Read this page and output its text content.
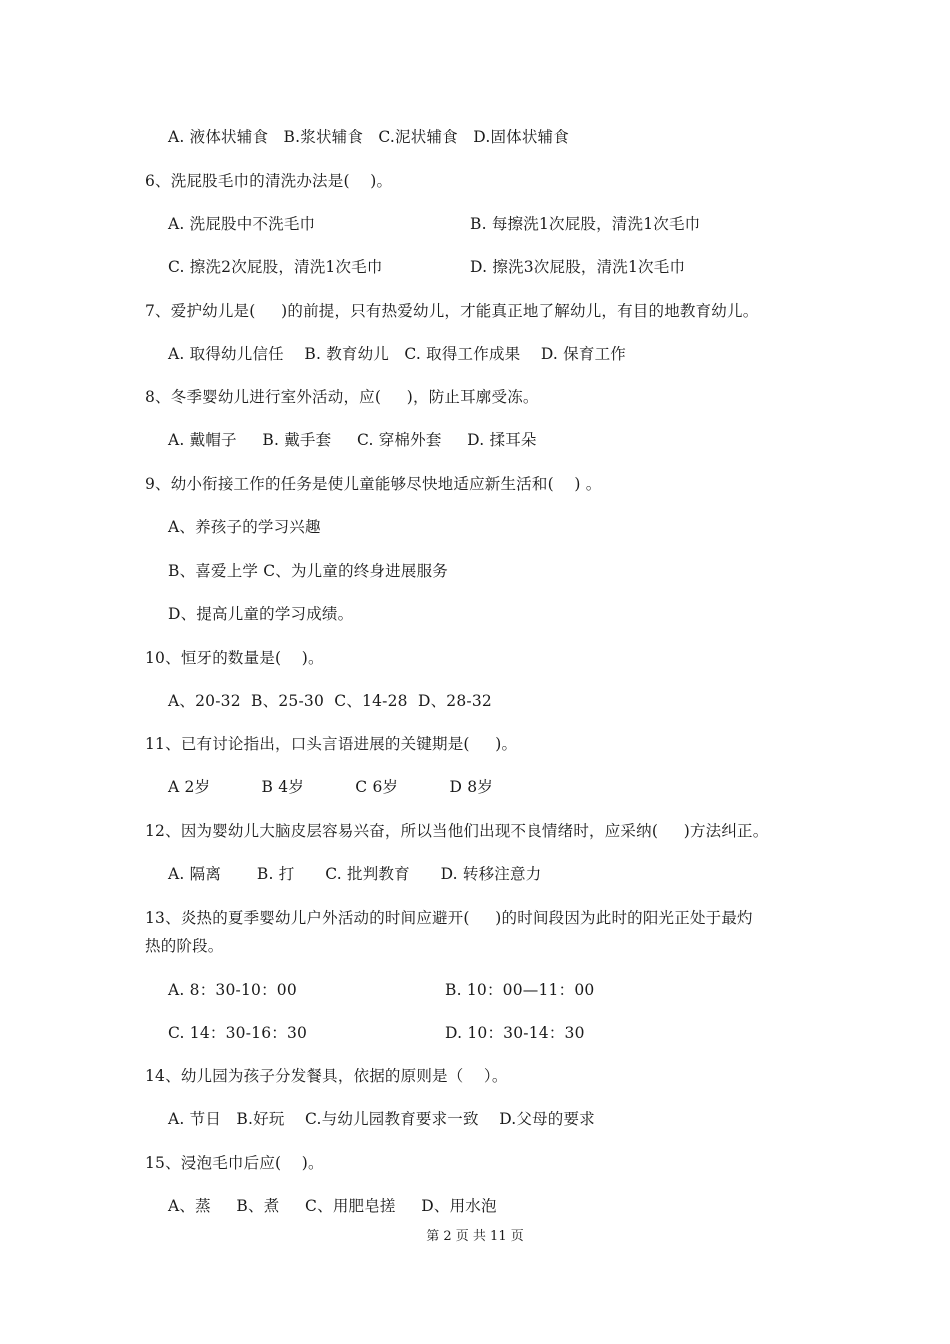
A. 液体状辅食   B.浆状辅食   C.泥状辅食   D.固体状辅食
6、洗屁股毛巾的清洗办法是(    )。
A. 洗屁股中不洗毛巾	B. 每擦洗1次屁股，清洗1次毛巾
C. 擦洗2次屁股，清洗1次毛巾	D. 擦洗3次屁股，清洗1次毛巾
7、爱护幼儿是(     )的前提，只有热爱幼儿，才能真正地了解幼儿，有目的地教育幼儿。
A. 取得幼儿信任    B. 教育幼儿   C. 取得工作成果    D. 保育工作
8、冬季婴幼儿进行室外活动，应(     )，防止耳廓受冻。
A. 戴帽子     B. 戴手套     C. 穿棉外套     D. 揉耳朵
9、幼小衔接工作的任务是使儿童能够尽快地适应新生活和(    ) 。
A、养孩子的学习兴趣
B、喜爱上学 C、为儿童的终身进展服务
D、提高儿童的学习成绩。
10、恒牙的数量是(    )。
A、20-32  B、25-30  C、14-28  D、28-32
11、已有讨论指出，口头言语进展的关键期是(     )。
A 2岁          B 4岁          C 6岁          D 8岁
12、因为婴幼儿大脑皮层容易兴奋，所以当他们出现不良情绪时，应采纳(     )方法纠正。
A. 隔离       B. 打      C. 批判教育      D. 转移注意力
13、炎热的夏季婴幼儿户外活动的时间应避开(     )的时间段因为此时的阳光正处于最灼
热的阶段。
A. 8：30-10：00	B. 10：00—11：00
C. 14：30-16：30	D. 10：30-14：30
14、幼儿园为孩子分发餐具，依据的原则是（    ）。
A. 节日   B.好玩    C.与幼儿园教育要求一致    D.父母的要求
15、浸泡毛巾后应(    )。
A、蒸     B、煮     C、用肥皂搓     D、用水泡
第 2 页 共 11 页
